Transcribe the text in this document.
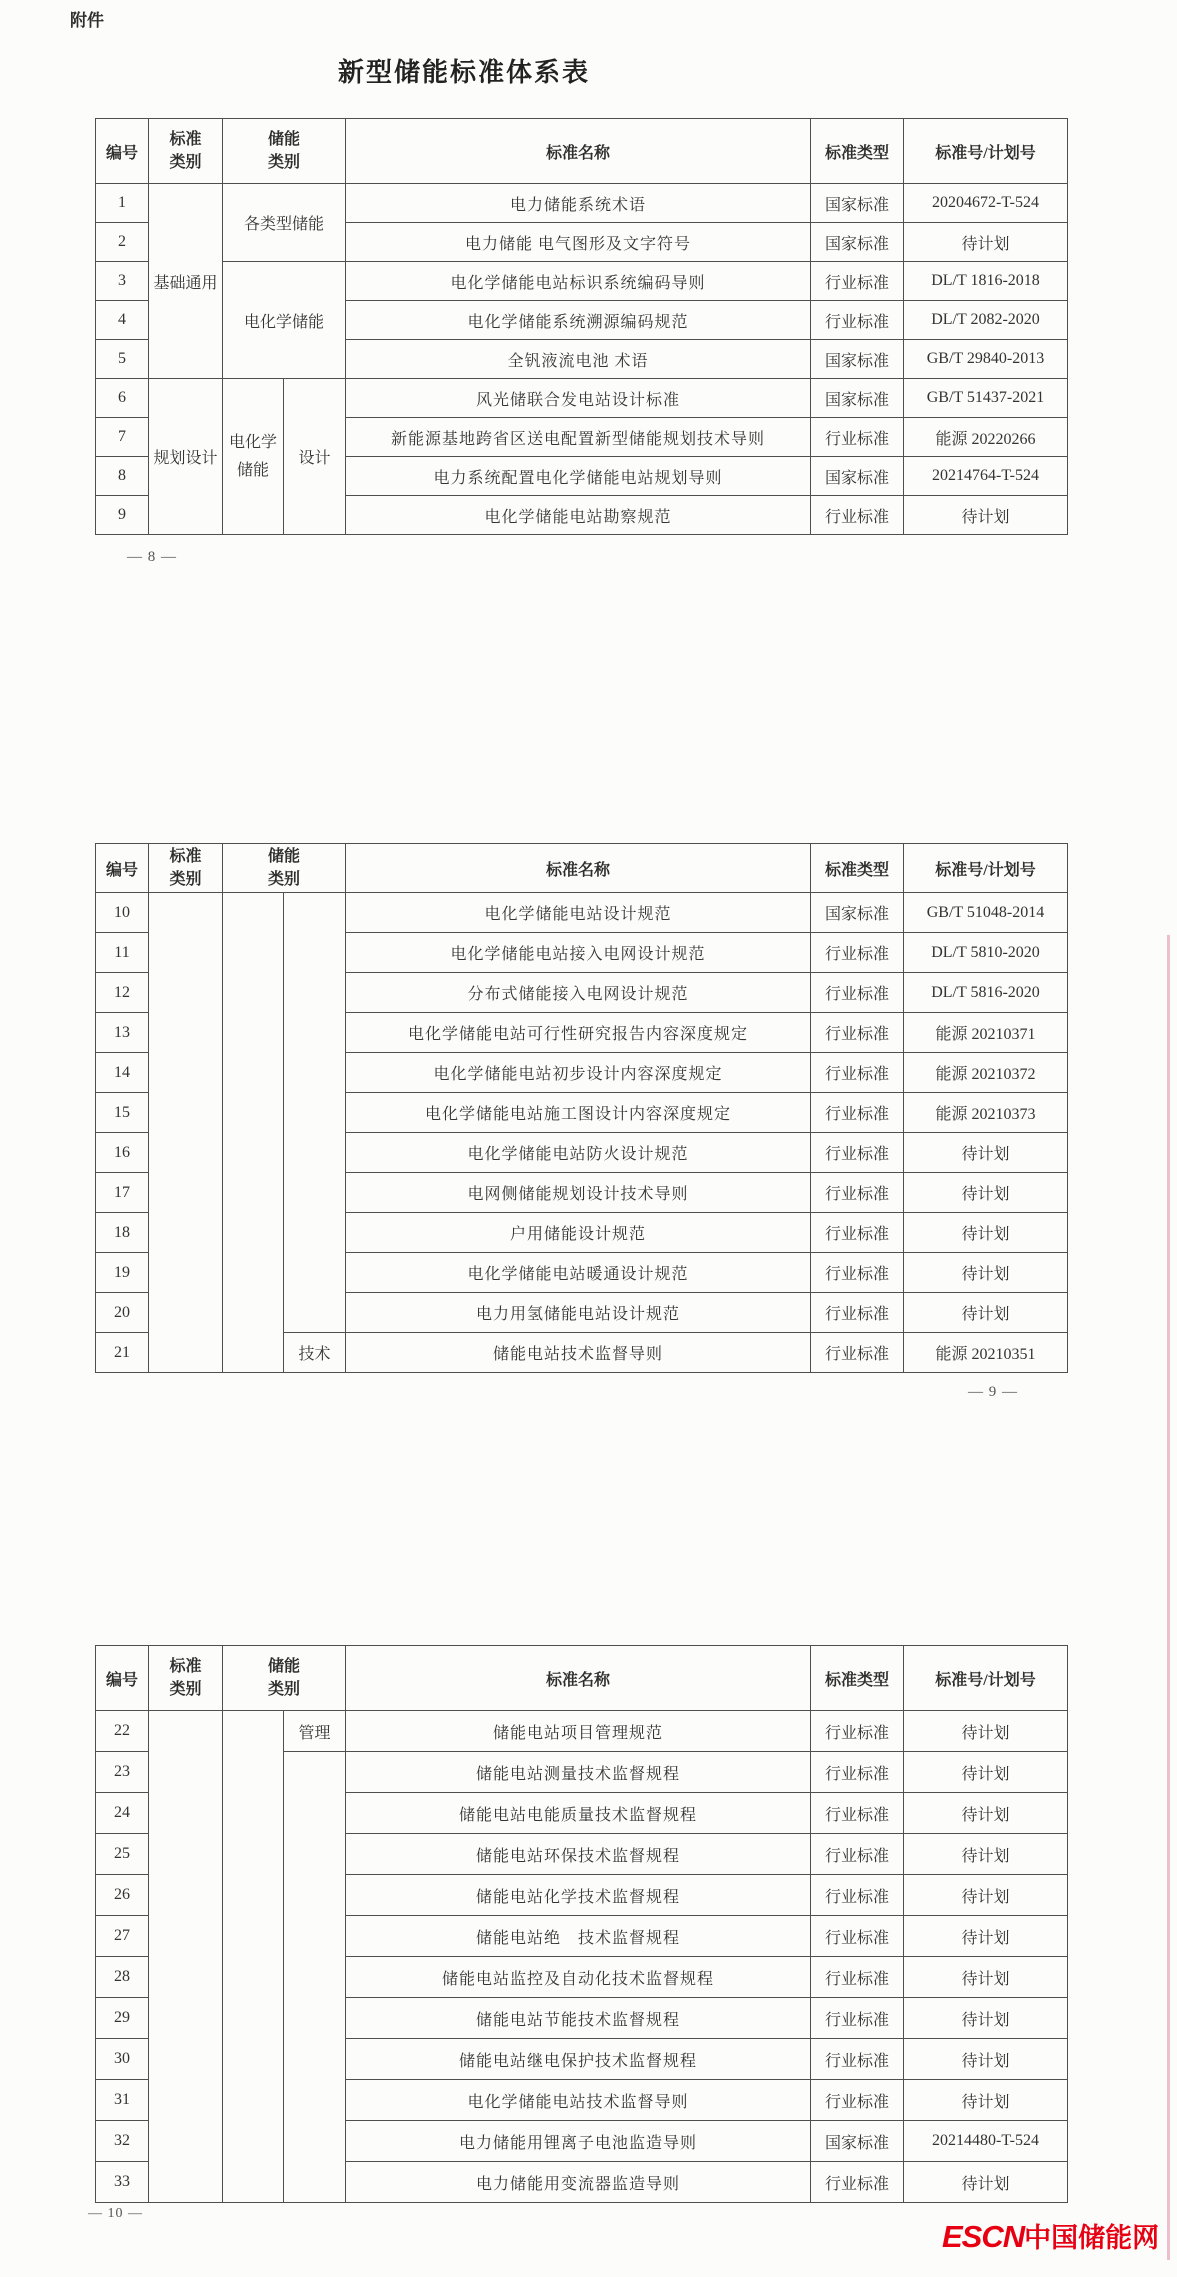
附件
新型储能标准体系表
编号	标准类别	储能类别		标准名称	标准类型	标准号/计划号
1	基础通用	各类型储能		电力储能系统术语	国家标准	20204672-T-524
2				电力储能 电气图形及文字符号	国家标准	待计划
3		电化学储能		电化学储能电站标识系统编码导则	行业标准	DL/T 1816-2018
4				电化学储能系统溯源编码规范	行业标准	DL/T 2082-2020
5				全钒液流电池 术语	国家标准	GB/T 29840-2013
6	规划设计	电化学储能	设计	风光储联合发电站设计标准	国家标准	GB/T 51437-2021
7				新能源基地跨省区送电配置新型储能规划技术导则	行业标准	能源 20220266
8				电力系统配置电化学储能电站规划导则	国家标准	20214764-T-524
9				电化学储能电站勘察规范	行业标准	待计划
— 8 —
编号	标准类别	储能类别		标准名称	标准类型	标准号/计划号
10				电化学储能电站设计规范	国家标准	GB/T 51048-2014
11				电化学储能电站接入电网设计规范	行业标准	DL/T 5810-2020
12				分布式储能接入电网设计规范	行业标准	DL/T 5816-2020
13				电化学储能电站可行性研究报告内容深度规定	行业标准	能源 20210371
14				电化学储能电站初步设计内容深度规定	行业标准	能源 20210372
15				电化学储能电站施工图设计内容深度规定	行业标准	能源 20210373
16				电化学储能电站防火设计规范	行业标准	待计划
17				电网侧储能规划设计技术导则	行业标准	待计划
18				户用储能设计规范	行业标准	待计划
19				电化学储能电站暖通设计规范	行业标准	待计划
20				电力用氢储能电站设计规范	行业标准	待计划
21			技术	储能电站技术监督导则	行业标准	能源 20210351
— 9 —
编号	标准类别	储能类别		标准名称	标准类型	标准号/计划号
22			管理	储能电站项目管理规范	行业标准	待计划
23				储能电站测量技术监督规程	行业标准	待计划
24				储能电站电能质量技术监督规程	行业标准	待计划
25				储能电站环保技术监督规程	行业标准	待计划
26				储能电站化学技术监督规程	行业标准	待计划
27				储能电站绝　技术监督规程	行业标准	待计划
28				储能电站监控及自动化技术监督规程	行业标准	待计划
29				储能电站节能技术监督规程	行业标准	待计划
30				储能电站继电保护技术监督规程	行业标准	待计划
31				电化学储能电站技术监督导则	行业标准	待计划
32				电力储能用锂离子电池监造导则	国家标准	20214480-T-524
33				电力储能用变流器监造导则	行业标准	待计划
— 10 —
ESCN中国储能网
